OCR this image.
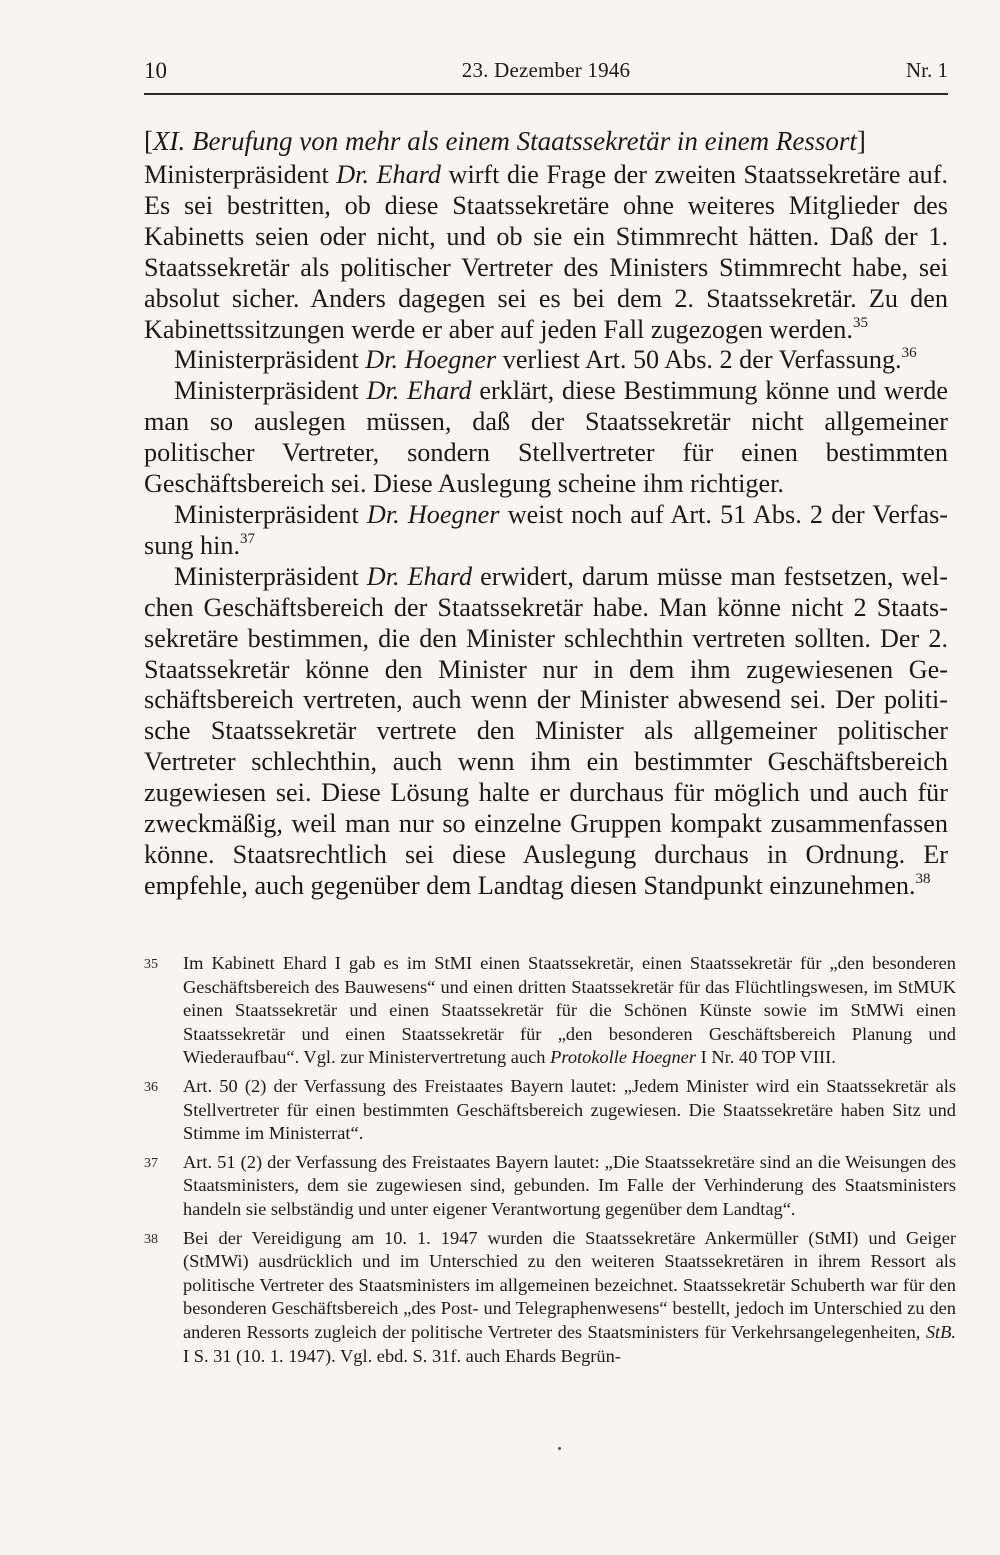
10	23. Dezember 1946	Nr. 1
[XI. Berufung von mehr als einem Staatssekretär in einem Ressort]

Ministerpräsident Dr. Ehard wirft die Frage der zweiten Staatssekretäre auf. Es sei bestritten, ob diese Staatssekretäre ohne weiteres Mitglieder des Kabinetts seien oder nicht, und ob sie ein Stimmrecht hätten. Daß der 1. Staatssekretär als politischer Vertreter des Ministers Stimmrecht habe, sei absolut sicher. Anders dagegen sei es bei dem 2. Staatssekretär. Zu den Kabinettssitzungen werde er aber auf jeden Fall zugezogen werden.$^{35}$

Ministerpräsident Dr. Hoegner verliest Art. 50 Abs. 2 der Verfassung.$^{36}$

Ministerpräsident Dr. Ehard erklärt, diese Bestimmung könne und werde man so auslegen müssen, daß der Staatssekretär nicht allgemeiner politischer Vertreter, sondern Stellvertreter für einen bestimmten Geschäftsbereich sei. Diese Auslegung scheine ihm richtiger.

Ministerpräsident Dr. Hoegner weist noch auf Art. 51 Abs. 2 der Verfassung hin.$^{37}$

Ministerpräsident Dr. Ehard erwidert, darum müsse man festsetzen, welchen Geschäftsbereich der Staatssekretär habe. Man könne nicht 2 Staatssekretäre bestimmen, die den Minister schlechthin vertreten sollten. Der 2. Staatssekretär könne den Minister nur in dem ihm zugewiesenen Geschäftsbereich vertreten, auch wenn der Minister abwesend sei. Der politische Staatssekretär vertrete den Minister als allgemeiner politischer Vertreter schlechthin, auch wenn ihm ein bestimmter Geschäftsbereich zugewiesen sei. Diese Lösung halte er durchaus für möglich und auch für zweckmäßig, weil man nur so einzelne Gruppen kompakt zusammenfassen könne. Staatsrechtlich sei diese Auslegung durchaus in Ordnung. Er empfehle, auch gegenüber dem Landtag diesen Standpunkt einzunehmen.$^{38}$

35 Im Kabinett Ehard I gab es im StMI einen Staatssekretär, einen Staatssekretär für „den besonderen Geschäftsbereich des Bauwesens“ und einen dritten Staatssekretär für das Flüchtlingswesen, im StMUK einen Staatssekretär und einen Staatssekretär für die Schönen Künste sowie im StMWi einen Staatssekretär und einen Staatssekretär für „den besonderen Geschäftsbereich Planung und Wiederaufbau“. Vgl. zur Ministervertretung auch Protokolle Hoegner I Nr. 40 TOP VIII.
36 Art. 50 (2) der Verfassung des Freistaates Bayern lautet: „Jedem Minister wird ein Staatssekretär als Stellvertreter für einen bestimmten Geschäftsbereich zugewiesen. Die Staatssekretäre haben Sitz und Stimme im Ministerrat“.
37 Art. 51 (2) der Verfassung des Freistaates Bayern lautet: „Die Staatssekretäre sind an die Weisungen des Staatsministers, dem sie zugewiesen sind, gebunden. Im Falle der Verhinderung des Staatsministers handeln sie selbständig und unter eigener Verantwortung gegenüber dem Landtag“.
38 Bei der Vereidigung am 10. 1. 1947 wurden die Staatssekretäre Ankermüller (StMI) und Geiger (StMWi) ausdrücklich und im Unterschied zu den weiteren Staatssekretären in ihrem Ressort als politische Vertreter des Staatsministers im allgemeinen bezeichnet. Staatssekretär Schuberth war für den besonderen Geschäftsbereich „des Post- und Telegraphenwesens“ bestellt, jedoch im Unterschied zu den anderen Ressorts zugleich der politische Vertreter des Staatsministers für Verkehrsangelegenheiten, StB. I S. 31 (10. 1. 1947). Vgl. ebd. S. 31f. auch Ehards Begrün-
